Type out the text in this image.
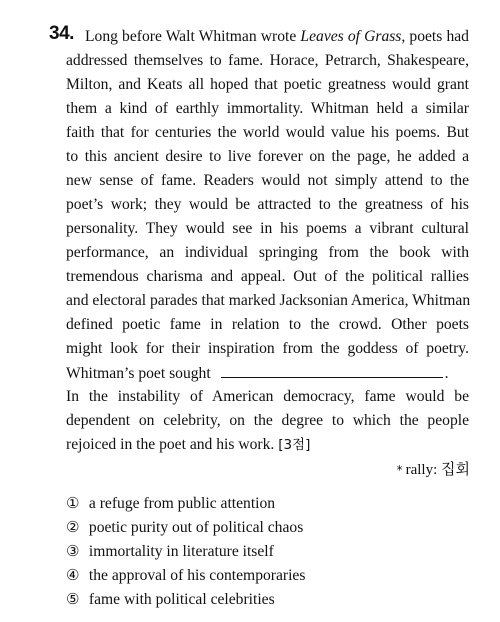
34. Long before Walt Whitman wrote Leaves of Grass, poets had
addressed themselves to fame. Horace, Petrarch, Shakespeare,
Milton, and Keats all hoped that poetic greatness would grant
them a kind of earthly immortality. Whitman held a similar
faith that for centuries the world would value his poems. But
to this ancient desire to live forever on the page, he added a
new sense of fame. Readers would not simply attend to the
poet’s work; they would be attracted to the greatness of his
personality. They would see in his poems a vibrant cultural
performance, an individual springing from the book with
tremendous charisma and appeal. Out of the political rallies
and electoral parades that marked Jacksonian America, Whitman
defined poetic fame in relation to the crowd. Other poets
might look for their inspiration from the goddess of poetry.
Whitman’s poet sought	.
In the instability of American democracy, fame would be
dependent on celebrity, on the degree to which the people
rejoiced in the poet and his work. [3점]
* rally: 집회
① a refuge from public attention
② poetic purity out of political chaos
③ immortality in literature itself
④ the approval of his contemporaries
⑤ fame with political celebrities
